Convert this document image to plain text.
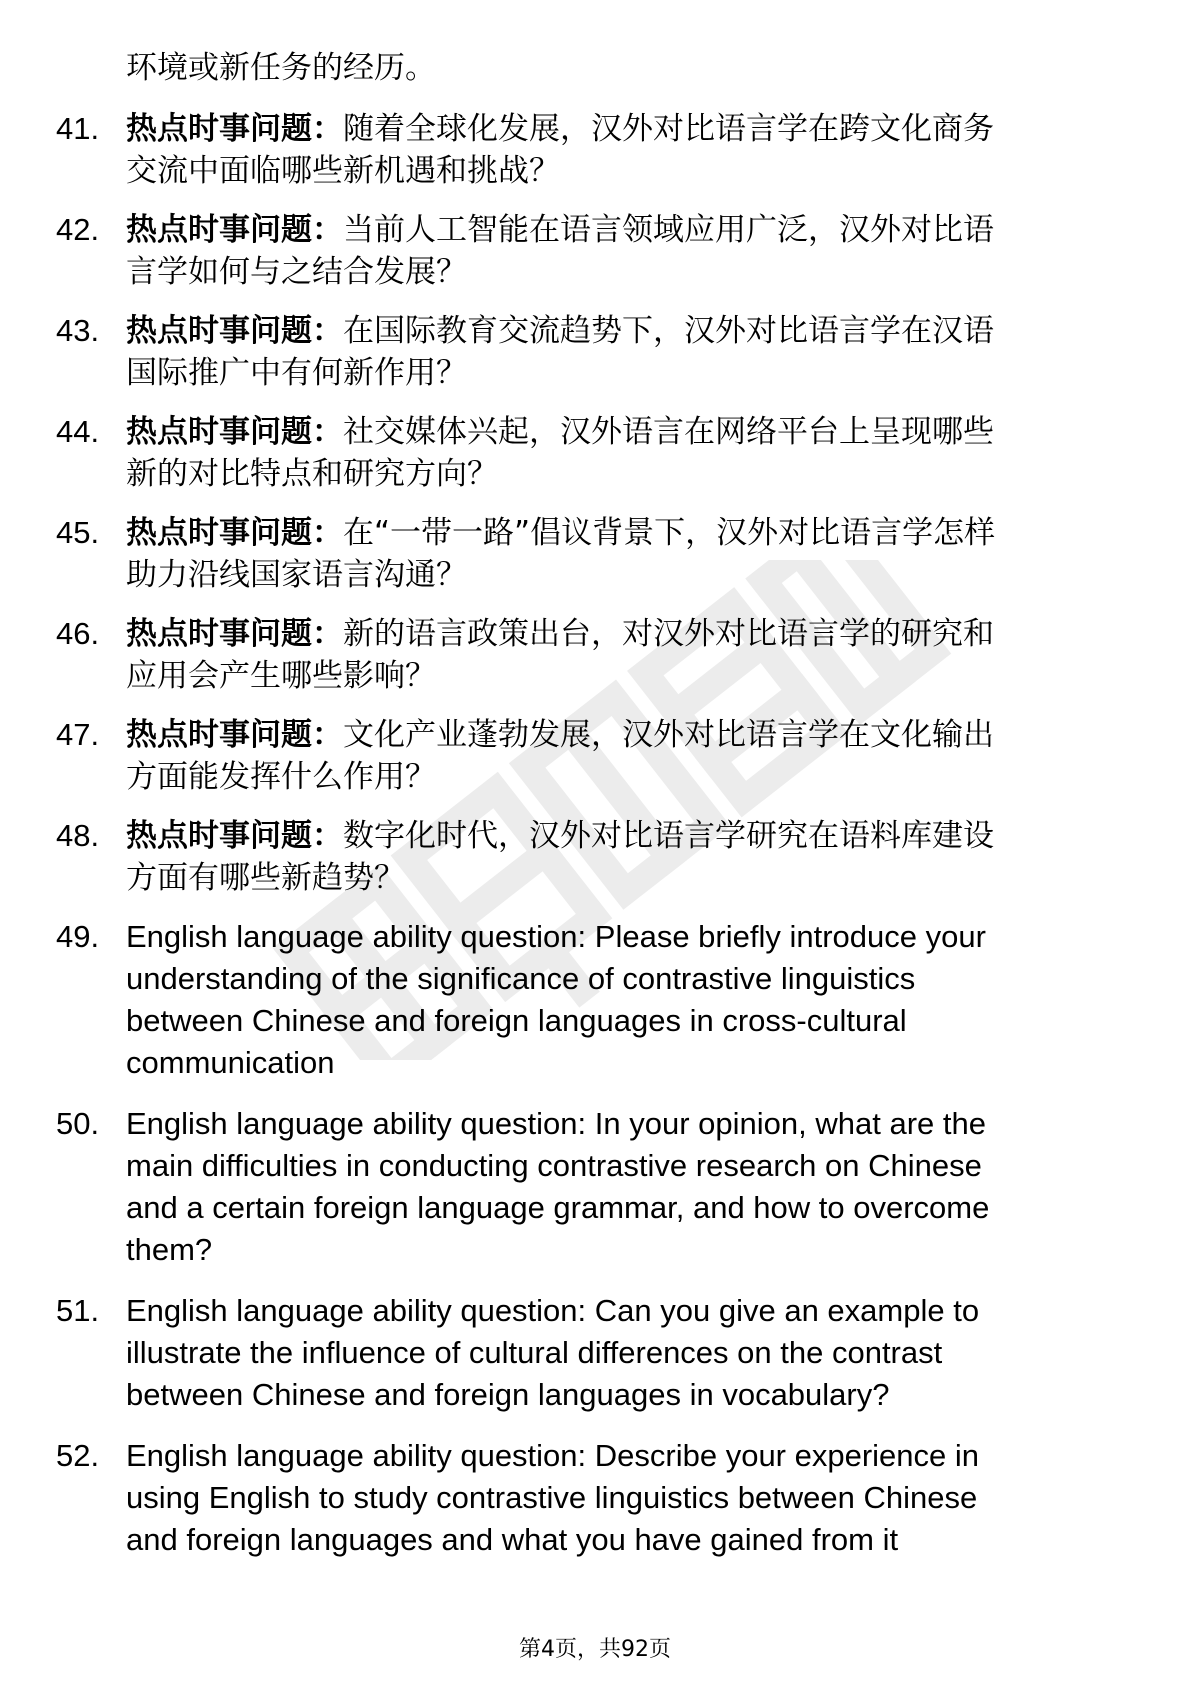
环境或新任务的经历。
41. 热点时事问题：随着全球化发展，汉外对比语言学在跨文化商务
交流中面临哪些新机遇和挑战？
42. 热点时事问题：当前人工智能在语言领域应用广泛，汉外对比语
言学如何与之结合发展？
43. 热点时事问题：在国际教育交流趋势下，汉外对比语言学在汉语
国际推广中有何新作用？
44. 热点时事问题：社交媒体兴起，汉外语言在网络平台上呈现哪些
新的对比特点和研究方向？
45. 热点时事问题：在“一带一路”倡议背景下，汉外对比语言学怎样
助力沿线国家语言沟通？
46. 热点时事问题：新的语言政策出台，对汉外对比语言学的研究和
应用会产生哪些影响？
47. 热点时事问题：文化产业蓬勃发展，汉外对比语言学在文化输出
方面能发挥什么作用？
48. 热点时事问题：数字化时代，汉外对比语言学研究在语料库建设
方面有哪些新趋势？
49. English language ability question: Please briefly introduce your
understanding of the significance of contrastive linguistics
between Chinese and foreign languages in cross-cultural
communication
50. English language ability question: In your opinion, what are the
main difficulties in conducting contrastive research on Chinese
and a certain foreign language grammar, and how to overcome
them?
51. English language ability question: Can you give an example to
illustrate the influence of cultural differences on the contrast
between Chinese and foreign languages in vocabulary?
52. English language ability question: Describe your experience in
using English to study contrastive linguistics between Chinese
and foreign languages and what you have gained from it
第4页，共92页
